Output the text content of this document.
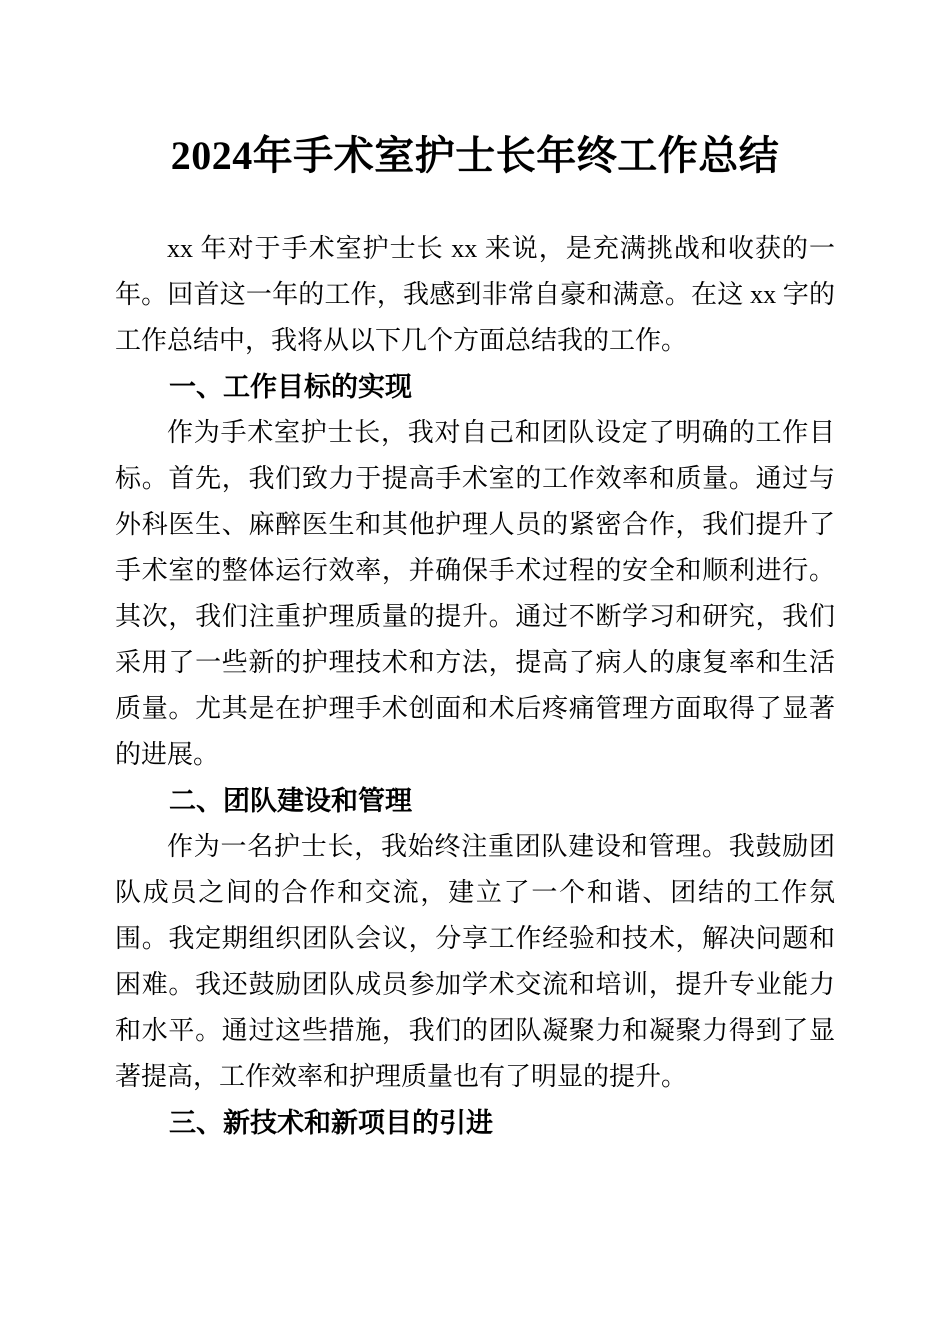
2024年手术室护士长年终工作总结

xx 年对于手术室护士长 xx 来说，是充满挑战和收获的一年。回首这一年的工作，我感到非常自豪和满意。在这 xx 字的工作总结中，我将从以下几个方面总结我的工作。

一、工作目标的实现

作为手术室护士长，我对自己和团队设定了明确的工作目标。首先，我们致力于提高手术室的工作效率和质量。通过与外科医生、麻醉医生和其他护理人员的紧密合作，我们提升了手术室的整体运行效率，并确保手术过程的安全和顺利进行。其次，我们注重护理质量的提升。通过不断学习和研究，我们采用了一些新的护理技术和方法，提高了病人的康复率和生活质量。尤其是在护理手术创面和术后疼痛管理方面取得了显著的进展。

二、团队建设和管理

作为一名护士长，我始终注重团队建设和管理。我鼓励团队成员之间的合作和交流，建立了一个和谐、团结的工作氛围。我定期组织团队会议，分享工作经验和技术，解决问题和困难。我还鼓励团队成员参加学术交流和培训，提升专业能力和水平。通过这些措施，我们的团队凝聚力和凝聚力得到了显著提高，工作效率和护理质量也有了明显的提升。

三、新技术和新项目的引进
